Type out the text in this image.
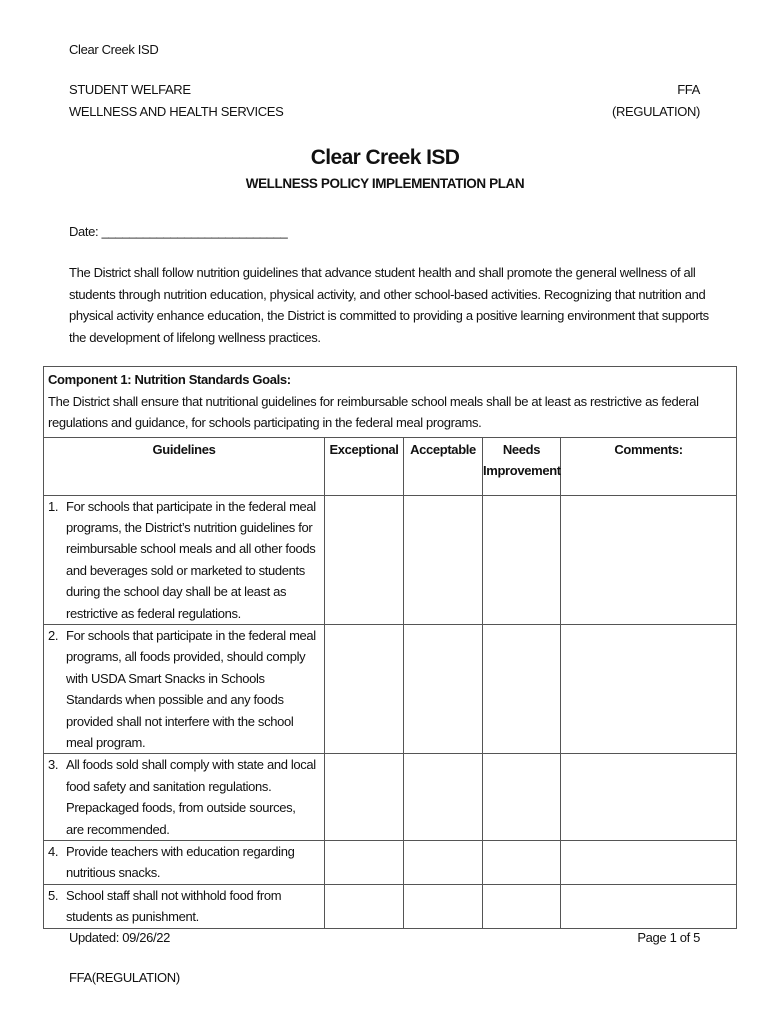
Clear Creek ISD
STUDENT WELFARE
WELLNESS AND HEALTH SERVICES
FFA
(REGULATION)
Clear Creek ISD
WELLNESS POLICY IMPLEMENTATION PLAN
Date: ___________________________
The District shall follow nutrition guidelines that advance student health and shall promote the general wellness of all students through nutrition education, physical activity, and other school-based activities. Recognizing that nutrition and physical activity enhance education, the District is committed to providing a positive learning environment that supports the development of lifelong wellness practices.
Component 1: Nutrition Standards Goals:
The District shall ensure that nutritional guidelines for reimbursable school meals shall be at least as restrictive as federal regulations and guidance, for schools participating in the federal meal programs.				

Guidelines	Exceptional	Acceptable	Needs Improvement	Comments:

1. For schools that participate in the federal meal programs, the District’s nutrition guidelines for reimbursable school meals and all other foods and beverages sold or marketed to students during the school day shall be at least as restrictive as federal regulations.				

2. For schools that participate in the federal meal programs, all foods provided, should comply with USDA Smart Snacks in Schools Standards when possible and any foods provided shall not interfere with the school meal program.				

3. All foods sold shall comply with state and local food safety and sanitation regulations. Prepackaged foods, from outside sources, are recommended.				

4. Provide teachers with education regarding nutritious snacks.				

5. School staff shall not withhold food from students as punishment.				
Updated: 09/26/22	Page 1 of 5
FFA(REGULATION)
